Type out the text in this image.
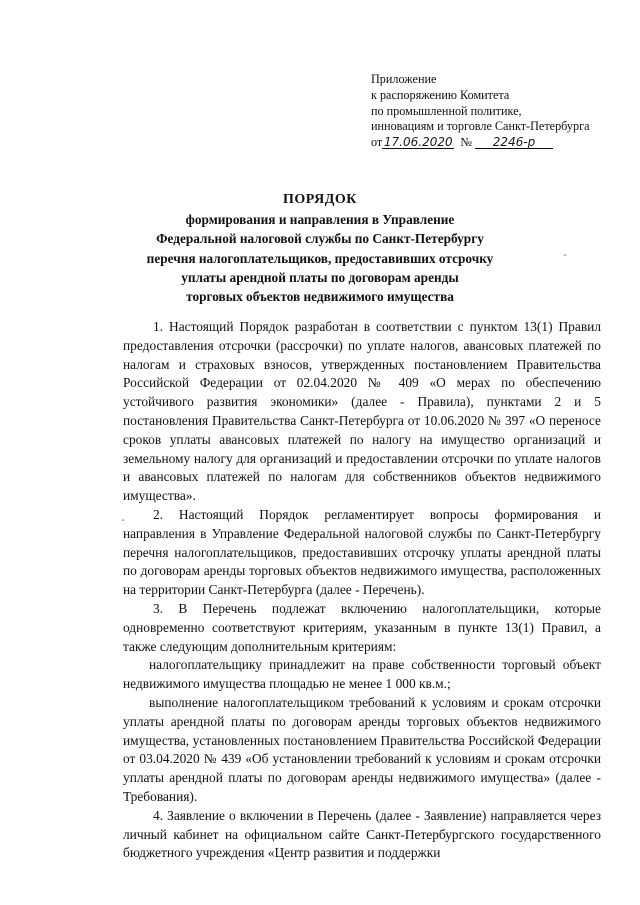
Приложение
к распоряжению Комитета
по промышленной политике,
инновациям и торговле Санкт-Петербурга
от 17.06.2020 № 2246-р
ПОРЯДОК
формирования и направления в Управление
Федеральной налоговой службы по Санкт-Петербургу
перечня налогоплательщиков, предоставивших отсрочку
уплаты арендной платы по договорам аренды
торговых объектов недвижимого имущества

1. Настоящий Порядок разработан в соответствии с пунктом 13(1) Правил предоставления отсрочки (рассрочки) по уплате налогов, авансовых платежей по налогам и страховых взносов, утвержденных постановлением Правительства Российской Федерации от 02.04.2020 № 409 «О мерах по обеспечению устойчивого развития экономики» (далее - Правила), пунктами 2 и 5 постановления Правительства Санкт-Петербурга от 10.06.2020 № 397 «О переносе сроков уплаты авансовых платежей по налогу на имущество организаций и земельному налогу для организаций и предоставлении отсрочки по уплате налогов и авансовых платежей по налогам для собственников объектов недвижимого имущества».

2. Настоящий Порядок регламентирует вопросы формирования и направления в Управление Федеральной налоговой службы по Санкт-Петербургу перечня налогоплательщиков, предоставивших отсрочку уплаты арендной платы по договорам аренды торговых объектов недвижимого имущества, расположенных на территории Санкт-Петербурга (далее - Перечень).

3. В Перечень подлежат включению налогоплательщики, которые одновременно соответствуют критериям, указанным в пункте 13(1) Правил, а также следующим дополнительным критериям:

налогоплательщику принадлежит на праве собственности торговый объект недвижимого имущества площадью не менее 1 000 кв.м.;

выполнение налогоплательщиком требований к условиям и срокам отсрочки уплаты арендной платы по договорам аренды торговых объектов недвижимого имущества, установленных постановлением Правительства Российской Федерации от 03.04.2020 № 439 «Об установлении требований к условиям и срокам отсрочки уплаты арендной платы по договорам аренды недвижимого имущества» (далее - Требования).

4. Заявление о включении в Перечень (далее - Заявление) направляется через личный кабинет на официальном сайте Санкт-Петербургского государственного бюджетного учреждения «Центр развития и поддержки

-
-
